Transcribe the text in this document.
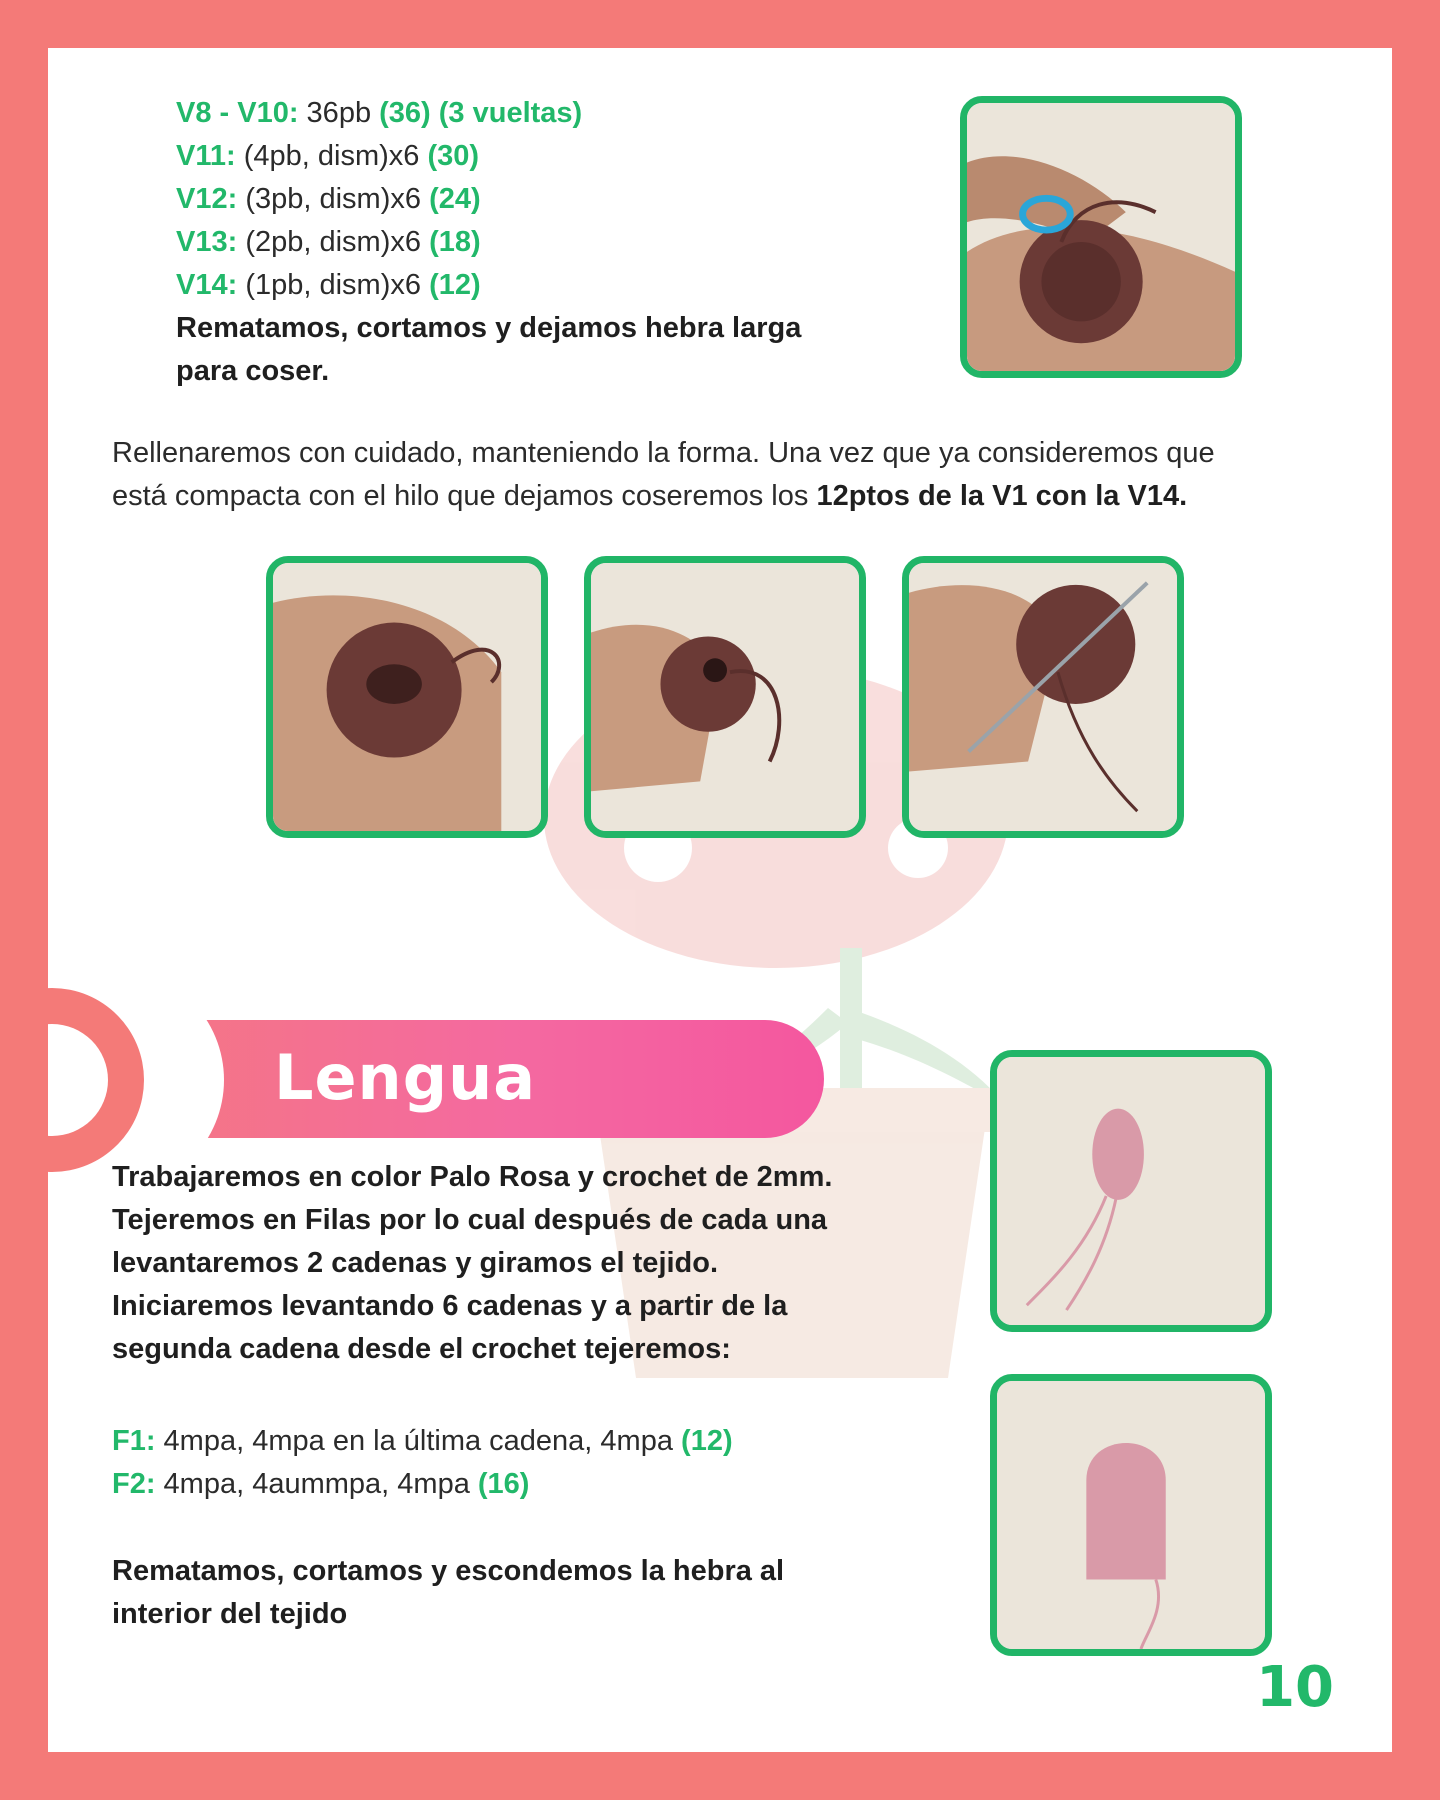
V8 - V10: 36pb (36) (3 vueltas)
V11: (4pb, dism)x6 (30)
V12: (3pb, dism)x6 (24)
V13: (2pb, dism)x6 (18)
V14: (1pb, dism)x6 (12)
Rematamos, cortamos y dejamos hebra larga
para coser.
Rellenaremos con cuidado, manteniendo la forma. Una vez que ya consideremos que
está compacta con el hilo que dejamos coseremos los 12ptos de la V1 con la V14.
Lengua
Trabajaremos en color Palo Rosa y crochet de 2mm.
Tejeremos en Filas por lo cual después de cada una
levantaremos 2 cadenas y giramos el tejido.
Iniciaremos levantando 6 cadenas y a partir de la
segunda cadena desde el crochet tejeremos:
F1: 4mpa, 4mpa en la última cadena, 4mpa (12)
F2: 4mpa, 4aummpa, 4mpa (16)
Rematamos, cortamos y escondemos la hebra al
interior del tejido
10
